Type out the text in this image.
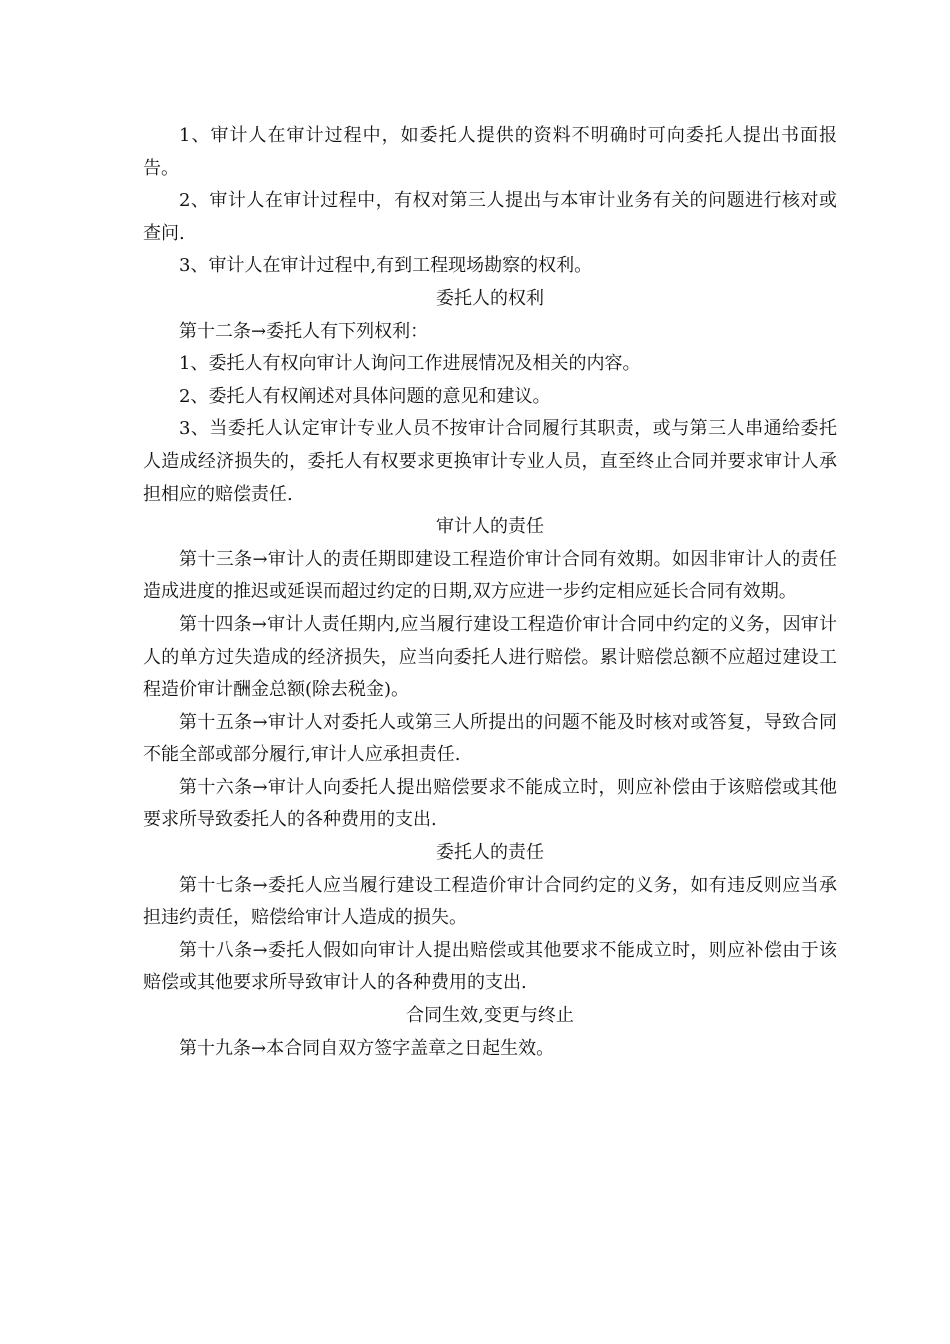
1、审计人在审计过程中，如委托人提供的资料不明确时可向委托人提出书面报告。

2、审计人在审计过程中，有权对第三人提出与本审计业务有关的问题进行核对或查问.

3、审计人在审计过程中,有到工程现场勘察的权利。

委托人的权利

第十二条→委托人有下列权利：

1、委托人有权向审计人询问工作进展情况及相关的内容。

2、委托人有权阐述对具体问题的意见和建议。

3、当委托人认定审计专业人员不按审计合同履行其职责，或与第三人串通给委托人造成经济损失的，委托人有权要求更换审计专业人员，直至终止合同并要求审计人承担相应的赔偿责任.

审计人的责任

第十三条→审计人的责任期即建设工程造价审计合同有效期。如因非审计人的责任造成进度的推迟或延误而超过约定的日期,双方应进一步约定相应延长合同有效期。

第十四条→审计人责任期内,应当履行建设工程造价审计合同中约定的义务，因审计人的单方过失造成的经济损失，应当向委托人进行赔偿。累计赔偿总额不应超过建设工程造价审计酬金总额(除去税金)。

第十五条→审计人对委托人或第三人所提出的问题不能及时核对或答复，导致合同不能全部或部分履行,审计人应承担责任.

第十六条→审计人向委托人提出赔偿要求不能成立时，则应补偿由于该赔偿或其他要求所导致委托人的各种费用的支出.

委托人的责任

第十七条→委托人应当履行建设工程造价审计合同约定的义务，如有违反则应当承担违约责任，赔偿给审计人造成的损失。

第十八条→委托人假如向审计人提出赔偿或其他要求不能成立时，则应补偿由于该赔偿或其他要求所导致审计人的各种费用的支出.

合同生效,变更与终止

第十九条→本合同自双方签字盖章之日起生效。
